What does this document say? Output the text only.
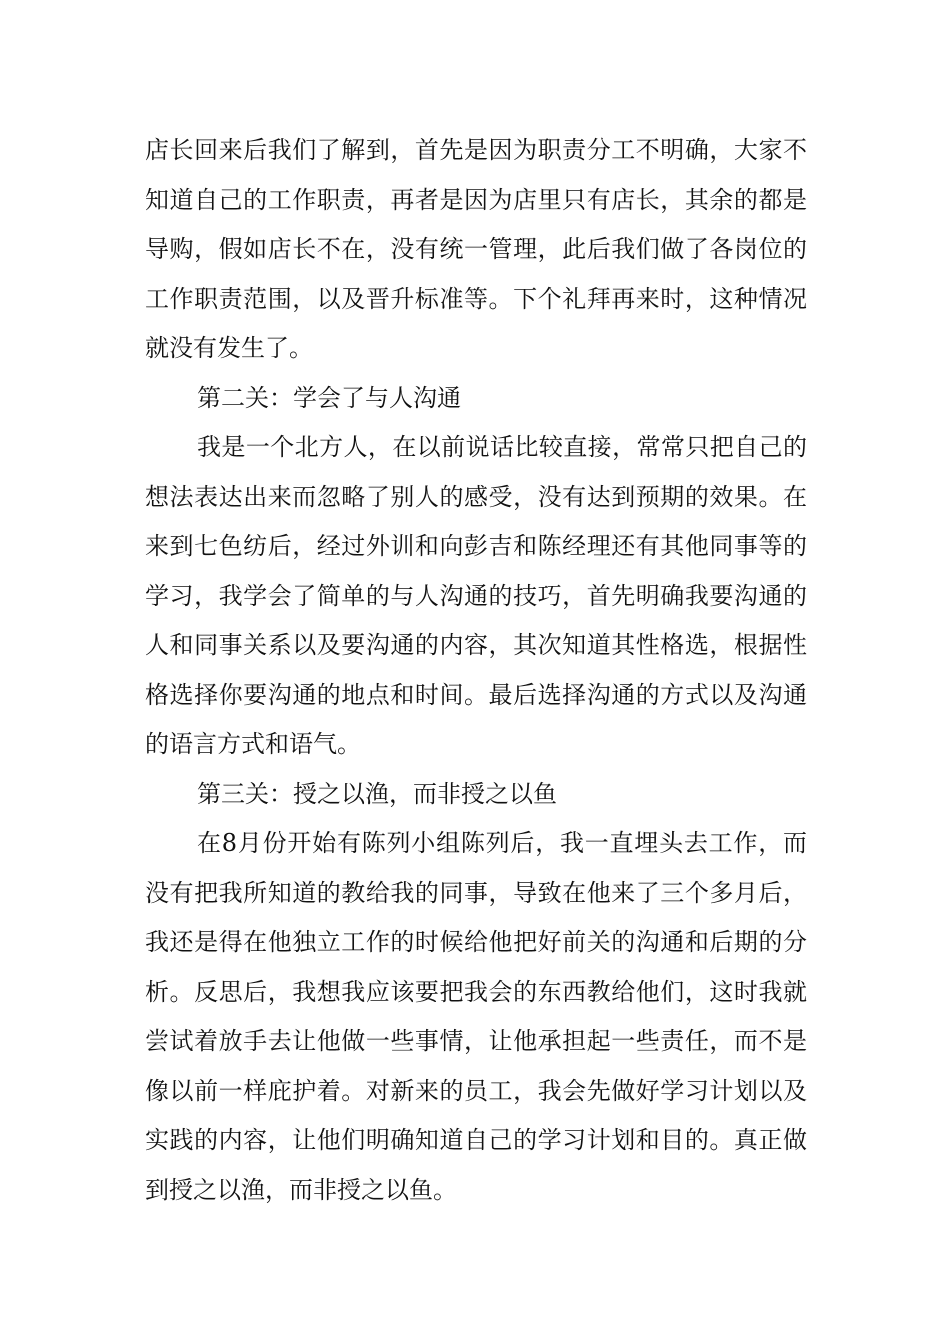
店长回来后我们了解到，首先是因为职责分工不明确，大家不知道自己的工作职责，再者是因为店里只有店长，其余的都是导购，假如店长不在，没有统一管理，此后我们做了各岗位的工作职责范围，以及晋升标准等。下个礼拜再来时，这种情况就没有发生了。

第二关：学会了与人沟通

我是一个北方人，在以前说话比较直接，常常只把自己的想法表达出来而忽略了别人的感受，没有达到预期的效果。在来到七色纺后，经过外训和向彭吉和陈经理还有其他同事等的学习，我学会了简单的与人沟通的技巧，首先明确我要沟通的人和同事关系以及要沟通的内容，其次知道其性格选，根据性格选择你要沟通的地点和时间。最后选择沟通的方式以及沟通的语言方式和语气。

第三关：授之以渔，而非授之以鱼

在8月份开始有陈列小组陈列后，我一直埋头去工作，而没有把我所知道的教给我的同事，导致在他来了三个多月后，我还是得在他独立工作的时候给他把好前关的沟通和后期的分析。反思后，我想我应该要把我会的东西教给他们，这时我就尝试着放手去让他做一些事情，让他承担起一些责任，而不是像以前一样庇护着。对新来的员工，我会先做好学习计划以及实践的内容，让他们明确知道自己的学习计划和目的。真正做到授之以渔，而非授之以鱼。
